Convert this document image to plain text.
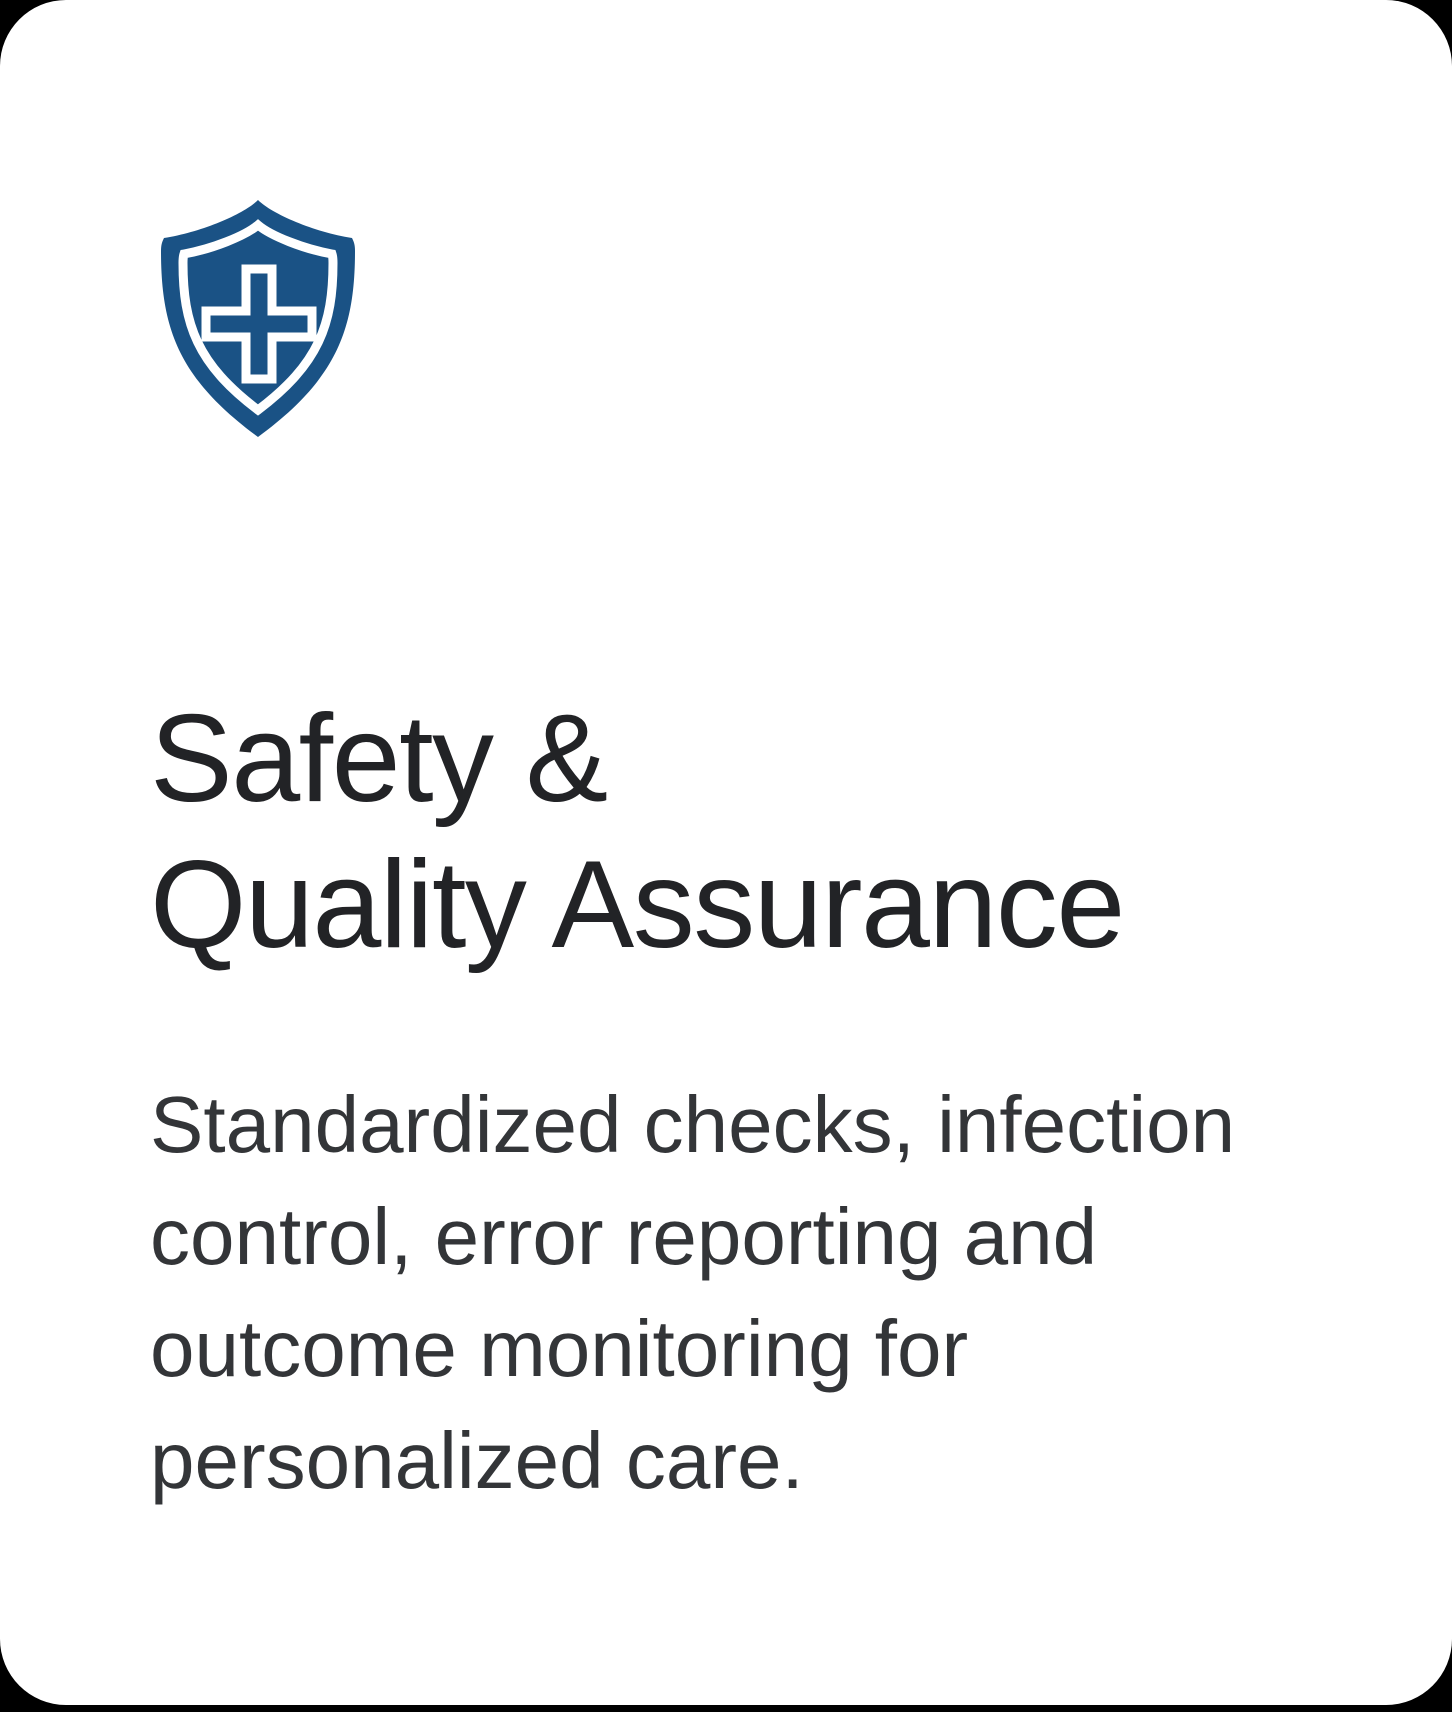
Safety &
Quality Assurance
Standardized checks, infection
control, error reporting and
outcome monitoring for
personalized care.
